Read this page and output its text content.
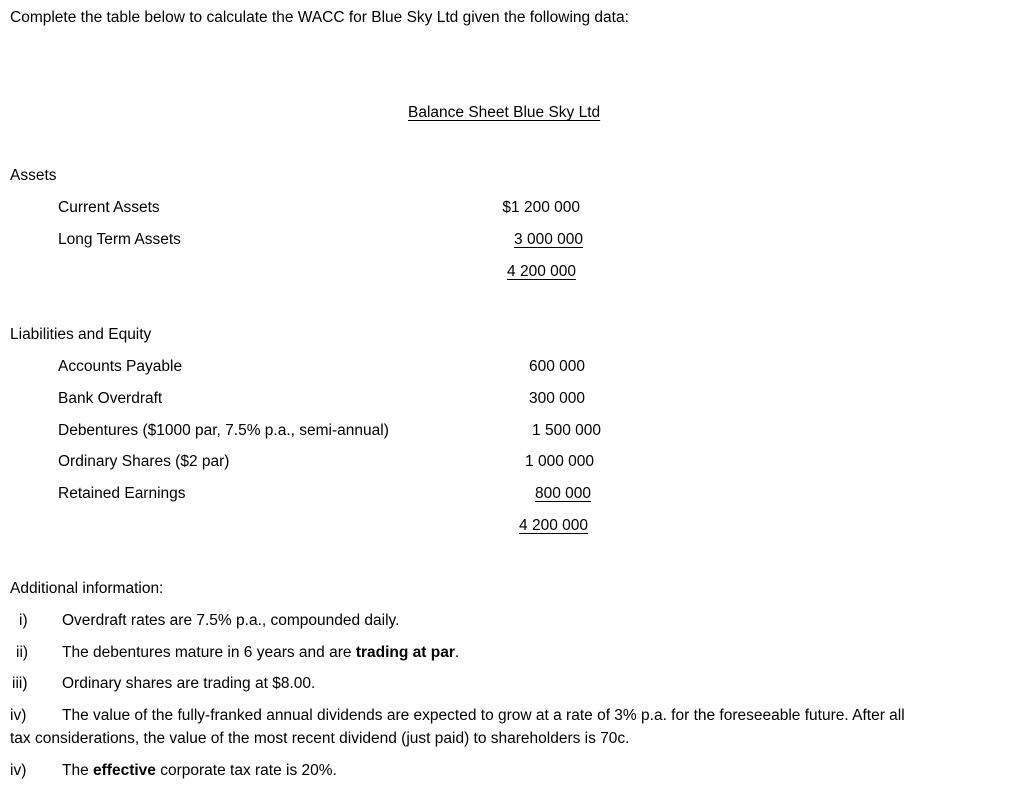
Complete the table below to calculate the WACC for Blue Sky Ltd given the following data:
Balance Sheet Blue Sky Ltd
Assets
Current Assets	$1 200 000
Long Term Assets	3 000 000
4 200 000
Liabilities and Equity
Accounts Payable	600 000
Bank Overdraft	300 000
Debentures ($1000 par, 7.5% p.a., semi-annual)	1 500 000
Ordinary Shares ($2 par)	1 000 000
Retained Earnings	800 000
4 200 000
Additional information:
i) Overdraft rates are 7.5% p.a., compounded daily.
ii) The debentures mature in 6 years and are trading at par.
iii) Ordinary shares are trading at $8.00.
iv) The value of the fully-franked annual dividends are expected to grow at a rate of 3% p.a. for the foreseeable future. After all
tax considerations, the value of the most recent dividend (just paid) to shareholders is 70c.
iv) The effective corporate tax rate is 20%.
